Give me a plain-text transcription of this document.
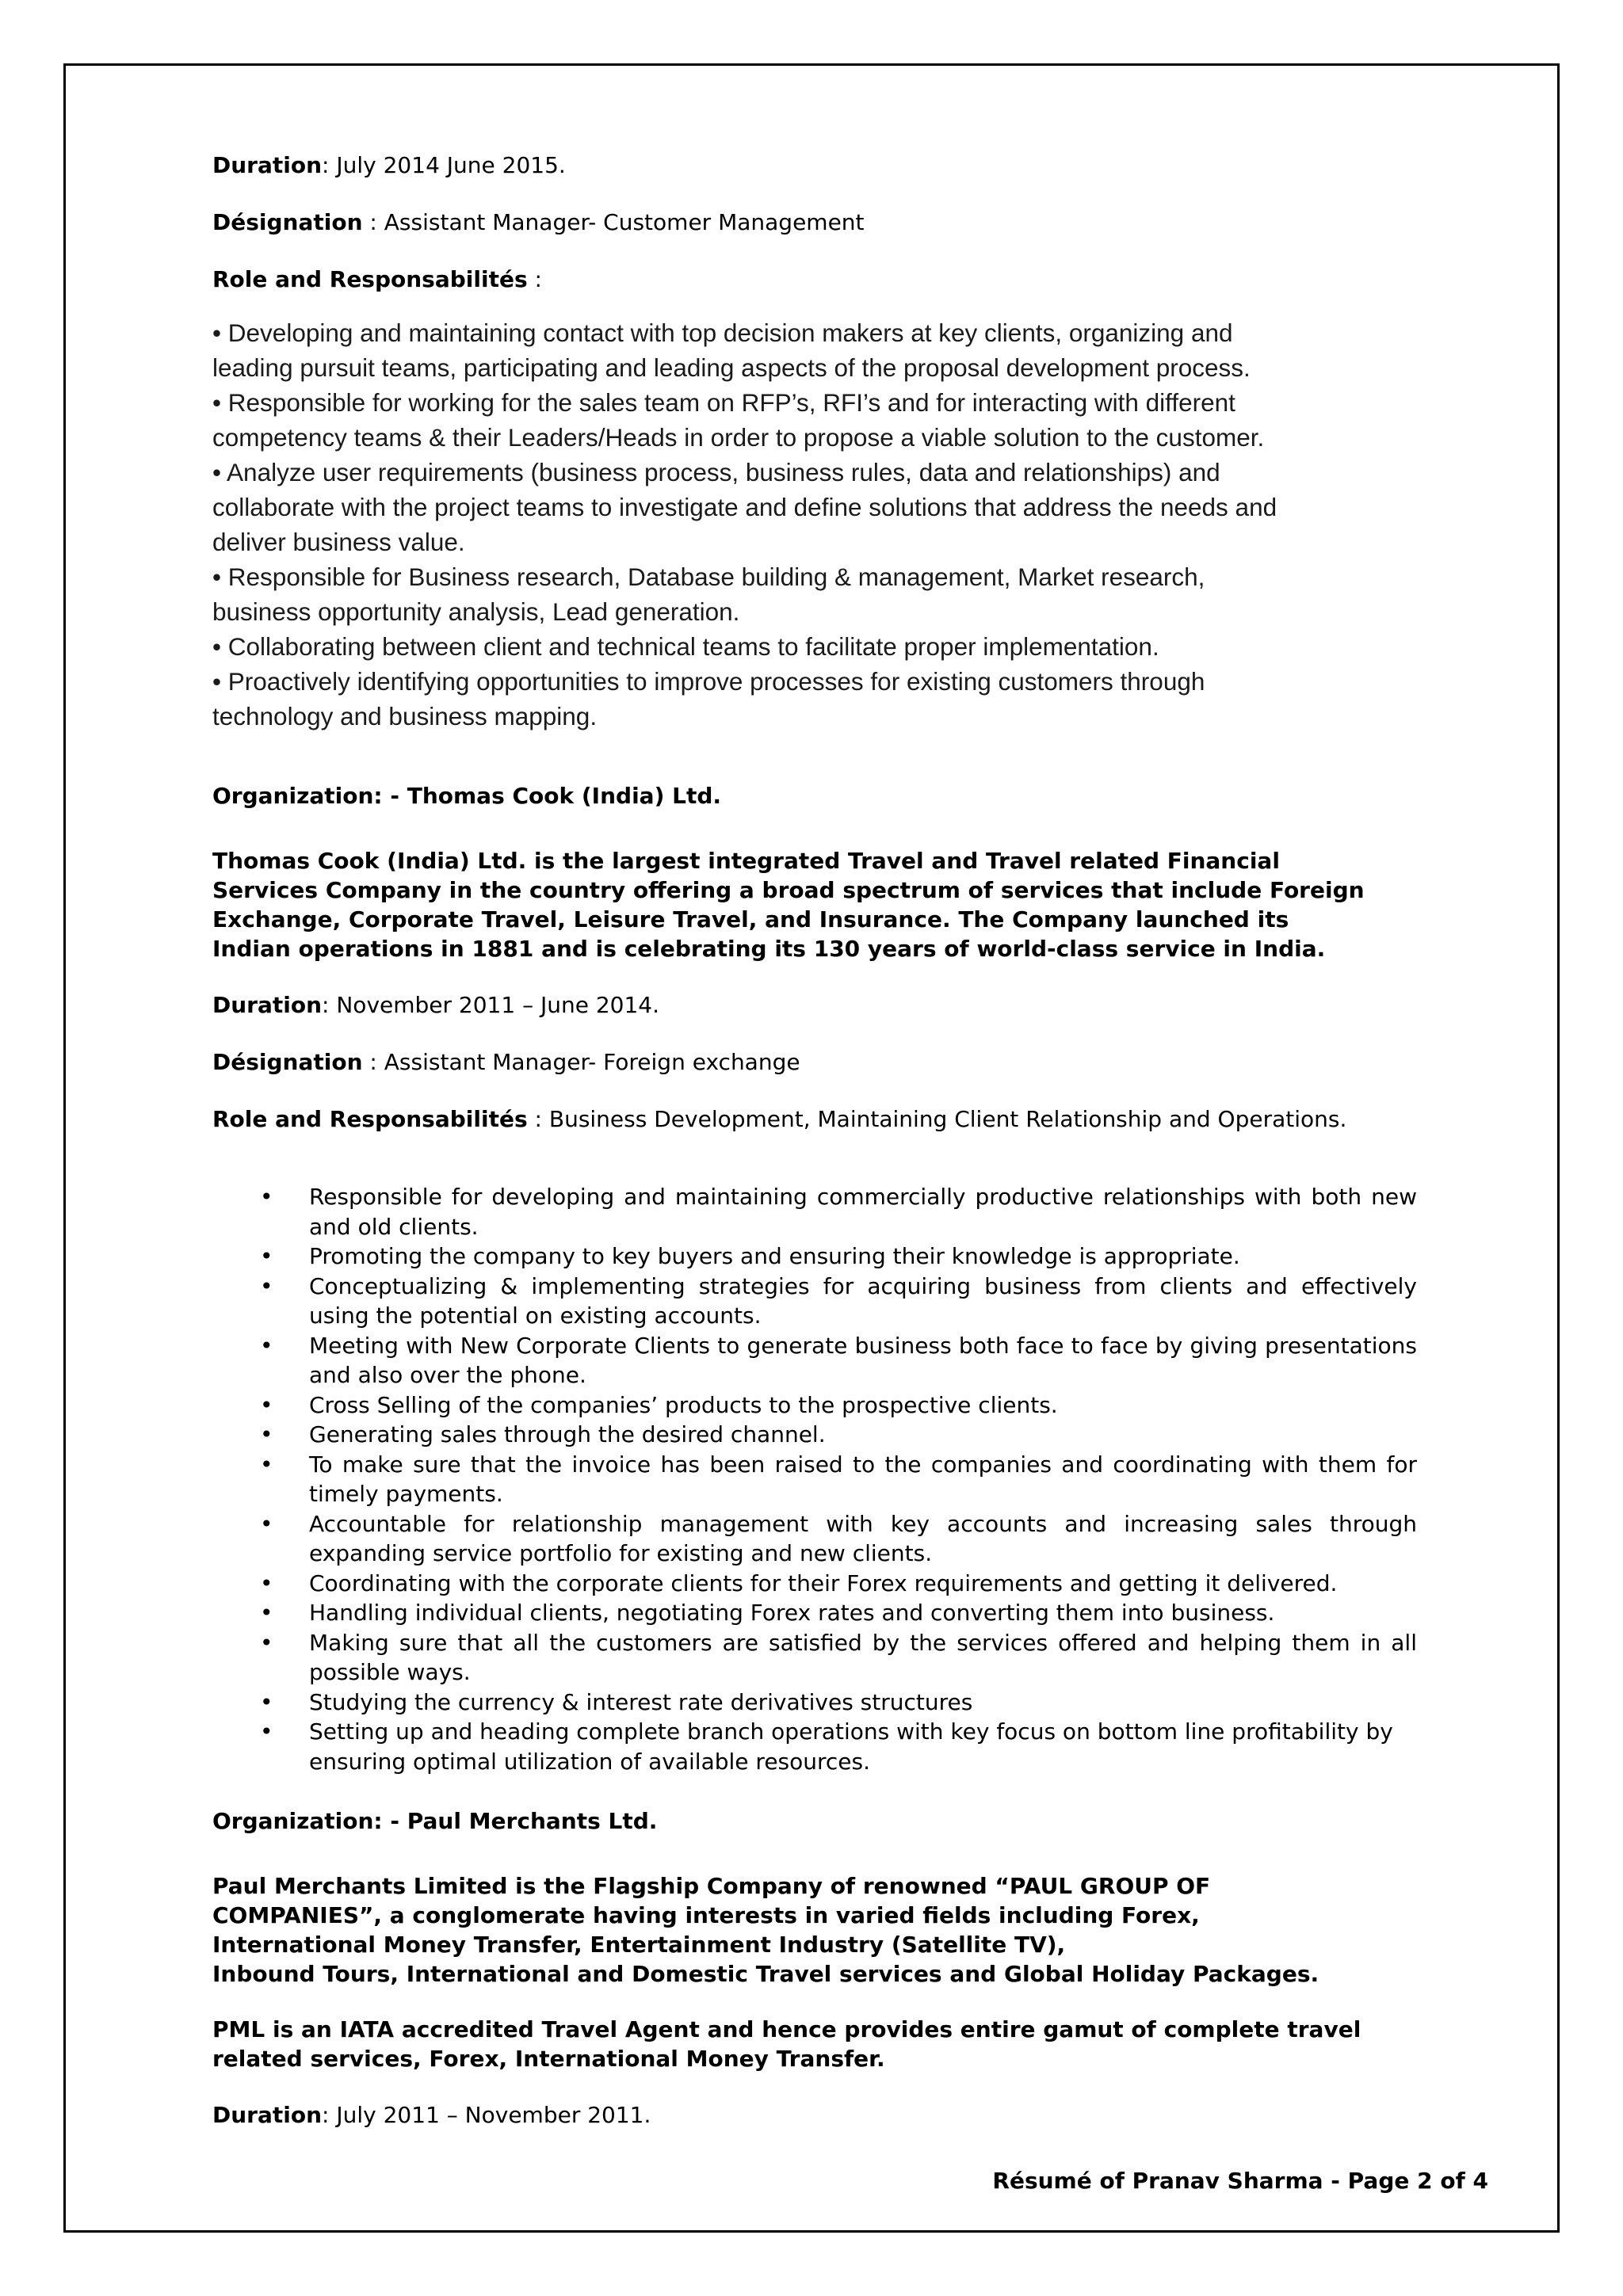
Duration: July 2014 June 2015.

Désignation : Assistant Manager- Customer Management

Role and Responsabilités :

• Developing and maintaining contact with top decision makers at key clients, organizing and
leading pursuit teams, participating and leading aspects of the proposal development process.
• Responsible for working for the sales team on RFP’s, RFI’s and for interacting with different
competency teams & their Leaders/Heads in order to propose a viable solution to the customer.
• Analyze user requirements (business process, business rules, data and relationships) and
collaborate with the project teams to investigate and define solutions that address the needs and
deliver business value.
• Responsible for Business research, Database building & management, Market research,
business opportunity analysis, Lead generation.
• Collaborating between client and technical teams to facilitate proper implementation.
• Proactively identifying opportunities to improve processes for existing customers through
technology and business mapping.

Organization: - Thomas Cook (India) Ltd.

Thomas Cook (India) Ltd. is the largest integrated Travel and Travel related Financial
Services Company in the country offering a broad spectrum of services that include Foreign
Exchange, Corporate Travel, Leisure Travel, and Insurance. The Company launched its
Indian operations in 1881 and is celebrating its 130 years of world-class service in India.

Duration: November 2011 – June 2014.

Désignation : Assistant Manager- Foreign exchange

Role and Responsabilités : Business Development, Maintaining Client Relationship and Operations.

• Responsible for developing and maintaining commercially productive relationships with both new and old clients.
• Promoting the company to key buyers and ensuring their knowledge is appropriate.
• Conceptualizing & implementing strategies for acquiring business from clients and effectively using the potential on existing accounts.
• Meeting with New Corporate Clients to generate business both face to face by giving presentations and also over the phone.
• Cross Selling of the companies’ products to the prospective clients.
• Generating sales through the desired channel.
• To make sure that the invoice has been raised to the companies and coordinating with them for timely payments.
• Accountable for relationship management with key accounts and increasing sales through expanding service portfolio for existing and new clients.
• Coordinating with the corporate clients for their Forex requirements and getting it delivered.
• Handling individual clients, negotiating Forex rates and converting them into business.
• Making sure that all the customers are satisfied by the services offered and helping them in all possible ways.
• Studying the currency & interest rate derivatives structures
• Setting up and heading complete branch operations with key focus on bottom line profitability by
ensuring optimal utilization of available resources.

Organization: - Paul Merchants Ltd.

Paul Merchants Limited is the Flagship Company of renowned “PAUL GROUP OF
COMPANIES”, a conglomerate having interests in varied fields including Forex,
International Money Transfer, Entertainment Industry (Satellite TV),
Inbound Tours, International and Domestic Travel services and Global Holiday Packages.
PML is an IATA accredited Travel Agent and hence provides entire gamut of complete travel
related services, Forex, International Money Transfer.

Duration: July 2011 – November 2011.

Résumé of Pranav Sharma - Page 2 of 4
